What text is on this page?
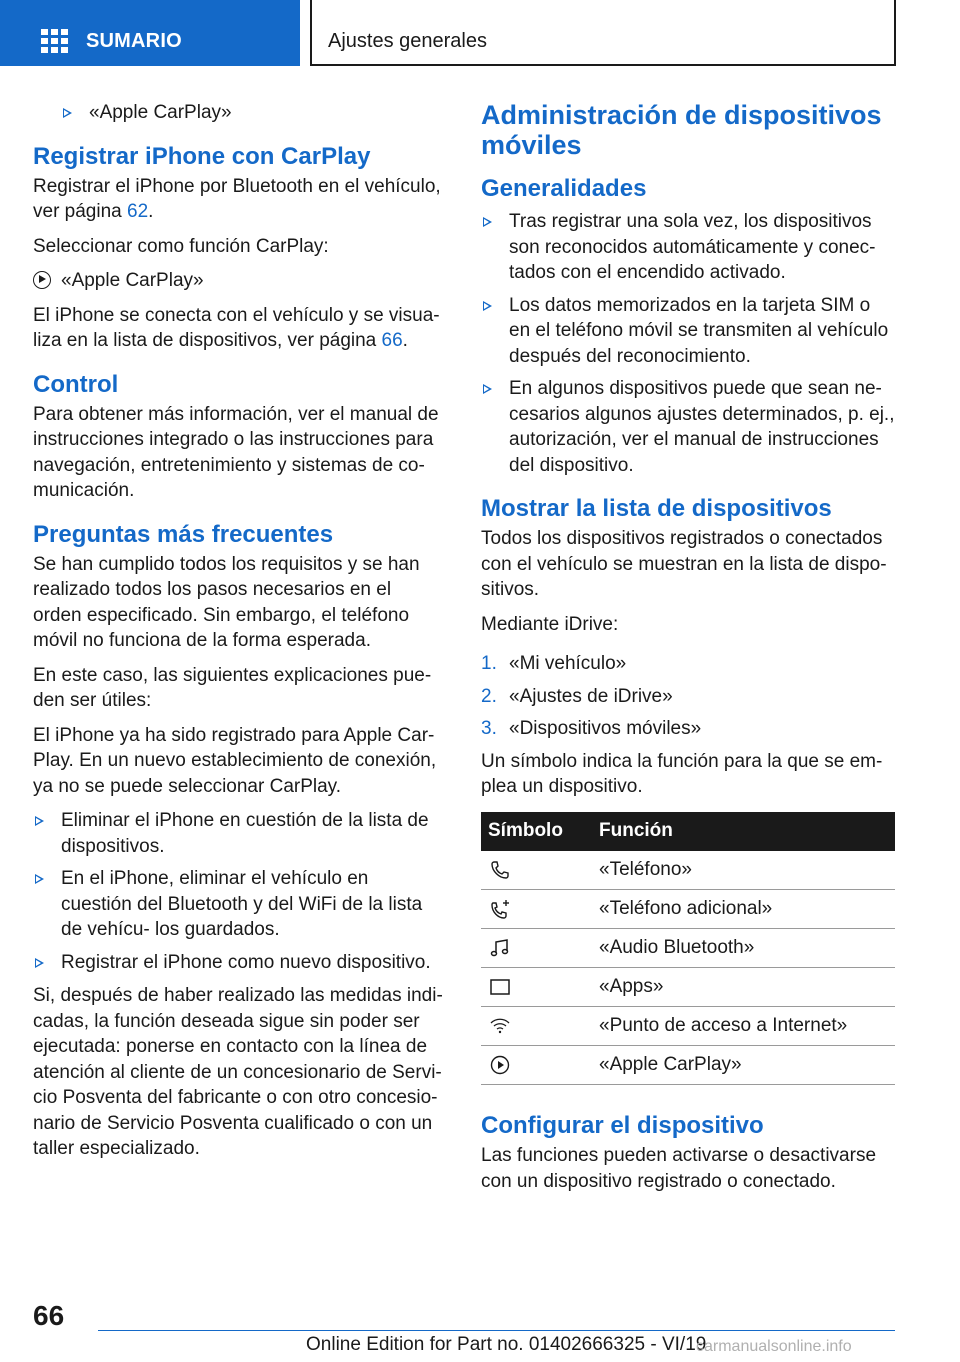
SUMARIO	Ajustes generales
«Apple CarPlay»
Registrar iPhone con CarPlay

Registrar el iPhone por Bluetooth en el vehículo, ver página 62.

Seleccionar como función CarPlay:

«Apple CarPlay»

El iPhone se conecta con el vehículo y se visua‐ liza en la lista de dispositivos, ver página 66.

Control

Para obtener más información, ver el manual de instrucciones integrado o las instrucciones para navegación, entretenimiento y sistemas de co‐ municación.

Preguntas más frecuentes

Se han cumplido todos los requisitos y se han realizado todos los pasos necesarios en el orden especificado. Sin embargo, el teléfono móvil no funciona de la forma esperada.

En este caso, las siguientes explicaciones pue‐ den ser útiles:

El iPhone ya ha sido registrado para Apple Car‐ Play. En un nuevo establecimiento de conexión, ya no se puede seleccionar CarPlay.

Eliminar el iPhone en cuestión de la lista de dispositivos.
En el iPhone, eliminar el vehículo en cuestión del Bluetooth y del WiFi de la lista de vehícu‐ los guardados.
Registrar el iPhone como nuevo dispositivo.

Si, después de haber realizado las medidas indi‐ cadas, la función deseada sigue sin poder ser ejecutada: ponerse en contacto con la línea de atención al cliente de un concesionario de Servi‐ cio Posventa del fabricante o con otro concesio‐ nario de Servicio Posventa cualificado o con un taller especializado.

Administración de dispositivos móviles
Generalidades
Tras registrar una sola vez, los dispositivos son reconocidos automáticamente y conec‐ tados con el encendido activado.
Los datos memorizados en la tarjeta SIM o en el teléfono móvil se transmiten al vehículo después del reconocimiento.
En algunos dispositivos puede que sean ne‐ cesarios algunos ajustes determinados, p. ej., autorización, ver el manual de instrucciones del dispositivo.
Mostrar la lista de dispositivos

Todos los dispositivos registrados o conectados con el vehículo se muestran en la lista de dispo‐ sitivos.

Mediante iDrive:

1. «Mi vehículo»
2. «Ajustes de iDrive»
3. «Dispositivos móviles»

Un símbolo indica la función para la que se em‐ plea un dispositivo.

Símbolo	Función
	«Teléfono»
	«Teléfono adicional»
	«Audio Bluetooth»
	«Apps»
	«Punto de acceso a Internet»
	«Apple CarPlay»
Configurar el dispositivo

Las funciones pueden activarse o desactivarse con un dispositivo registrado o conectado.

66
Online Edition for Part no. 01402666325 - VI/19
carmanualsonline.info
